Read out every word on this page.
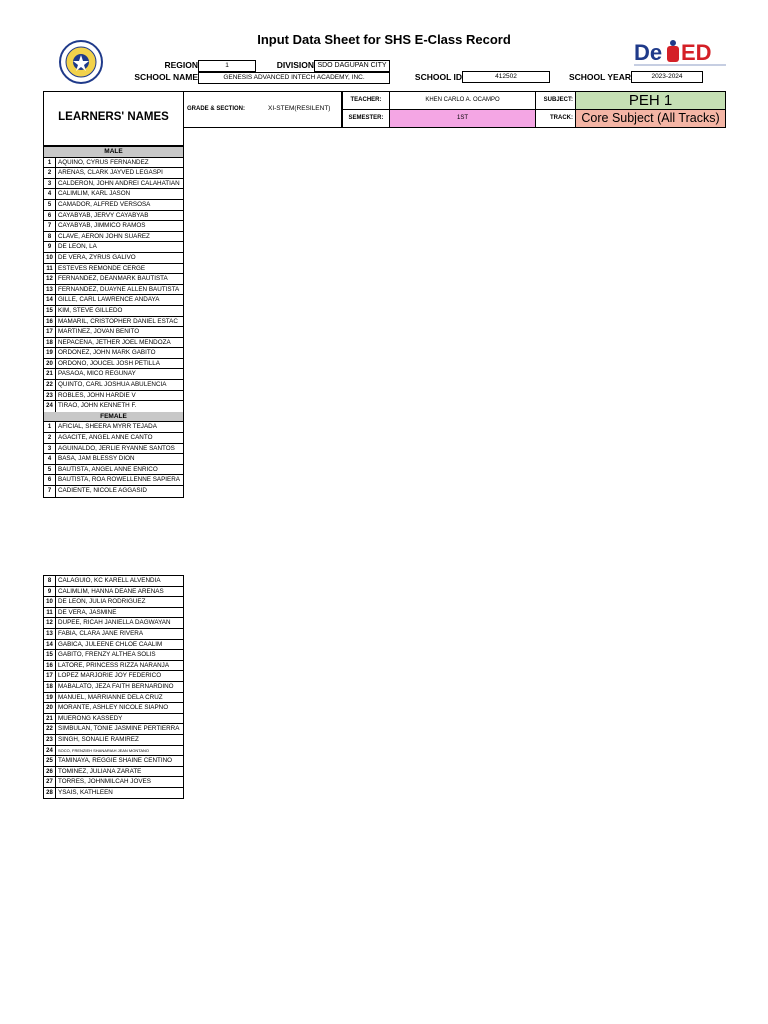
Input Data Sheet for SHS E-Class Record
De ED
REGION	1	DIVISION SDO DAGUPAN CITY
SCHOOL NAME	GENESIS ADVANCED INTECH ACADEMY, INC.	SCHOOL ID	412502	SCHOOL YEAR	2023-2024
LEARNERS' NAMES
GRADE & SECTION:	XI-STEM(RESILENT)
TEACHER:	KHEN CARLO A. OCAMPO	SUBJECT:	PEH 1
SEMESTER:	1ST	TRACK: Core Subject (All Tracks)
MALE
1	AQUINO, CYRUS FERNANDEZ
2	ARENAS, CLARK JAYVED LEGASPI
3	CALDERON, JOHN ANDREI CALAHATIAN
4	CALIMLIM, KARL JASON
5	CAMADOR, ALFRED VERSOSA
6	CAYABYAB, JERVY CAYABYAB
7	CAYABYAB, JIMMICO RAMOS
8	CLAVE, AERON JOHN SUAREZ
9	DE LEON, LA
10 DE VERA, ZYRUS GALIVO
11 ESTEVES REMONDE CERGE
12 FERNANDEZ, DEANMARK BAUTISTA
13 FERNANDEZ, DUAYNE ALLEN BAUTISTA
14 GILLE, CARL LAWRENCE ANDAYA
15 KIM, STEVE GILLEDO
16 MAMARIL, CRISTOPHER DANIEL ESTAC
17 MARTINEZ, JOVAN BENITO
18 NEPACENA, JETHER JOEL MENDOZA
19 ORDONEZ, JOHN MARK GABITO
20 ORDONO, JOUCEL JOSH PETILLA
21 PASAOA, MICO REGUNAY
22 QUINTO, CARL JOSHUA ABULENCIA
23 ROBLES, JOHN HARDIE V
24 TIRAO, JOHN KENNETH F.
FEMALE
1	AFICIAL, SHEERA MYRR TEJADA
2	AGACITE, ANGEL ANNE CANTO
3	AGUINALDO, JERLIE RYANNE SANTOS
4	BASA, JAM BLESSY DION
5	BAUTISTA, ANGEL ANNE ENRICO
6	BAUTISTA, ROA ROWELLENNE SAPIERA
7	CADIENTE, NICOLE AGGASID
8	CALAGUIO, KC KARELL ALVENDIA
9	CALIMLIM, HANNA DEANE ARENAS
10 DE LEON, JULIA RODRIGUEZ
11 DE VERA, JASMINE
12 DUPEE, RICAH JANIELLA DAGWAYAN
13 FABIA, CLARA JANE RIVERA
14 GABICA, JULEENE CHLOE CAALIM
15 GABITO, FRENZY ALTHEA SOLIS
16 LATORE, PRINCESS RIZZA NARANJA
17 LOPEZ MARJORIE JOY FEDERICO
18 MABALATO, JEZA FAITH BERNARDINO
19 MANUEL, MARRIANNE DELA CRUZ
20 MORANTE, ASHLEY NICOLE SIAPNO
21 MUERONG KASSEDY
22 SIMBULAN, TONIE JASMINE PERTIERRA
23 SINGH, SONALIE RAMIREZ
24	SOCO, FRENZIEH SHANARIAH JEAN MONTANO
25 TAMINAYA, REGGIE SHAINE CENTINO
26 TOMINEZ, JULIANA ZARATE
27 TORRES, JOHNMILCAH JOVES
28 YSAIS, KATHLEEN
